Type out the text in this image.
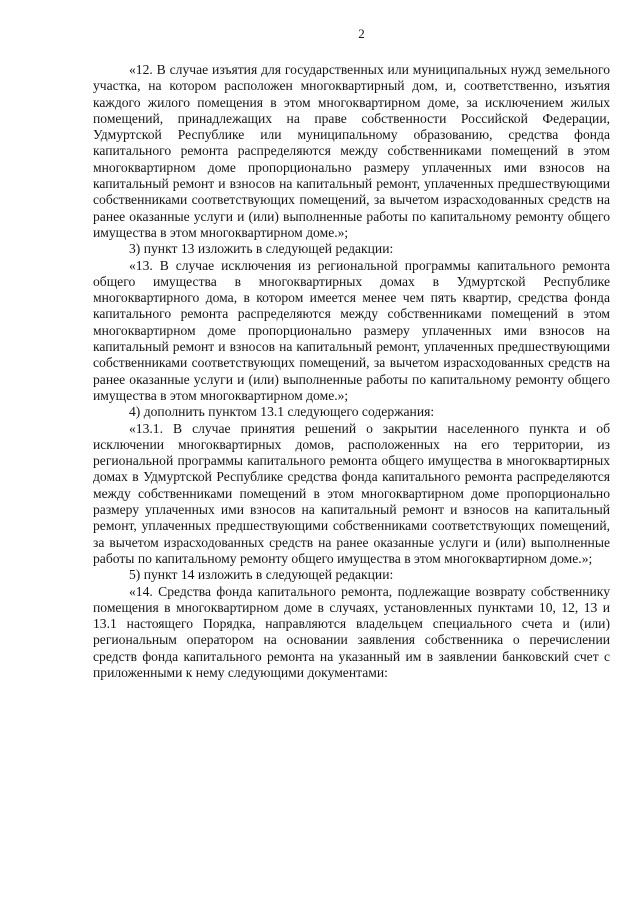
2

«12. В случае изъятия для государственных или муниципальных нужд земельного участка, на котором расположен многоквартирный дом, и, соответственно, изъятия каждого жилого помещения в этом многоквартирном доме, за исключением жилых помещений, принадлежащих на праве собственности Российской Федерации, Удмуртской Республике или муниципальному образованию, средства фонда капитального ремонта распределяются между собственниками помещений в этом многоквартирном доме пропорционально размеру уплаченных ими взносов на капитальный ремонт и взносов на капитальный ремонт, уплаченных предшествующими собственниками соответствующих помещений, за вычетом израсходованных средств на ранее оказанные услуги и (или) выполненные работы по капитальному ремонту общего имущества в этом многоквартирном доме.»;

3) пункт 13 изложить в следующей редакции:

«13. В случае исключения из региональной программы капитального ремонта общего имущества в многоквартирных домах в Удмуртской Республике многоквартирного дома, в котором имеется менее чем пять квартир, средства фонда капитального ремонта распределяются между собственниками помещений в этом многоквартирном доме пропорционально размеру уплаченных ими взносов на капитальный ремонт и взносов на капитальный ремонт, уплаченных предшествующими собственниками соответствующих помещений, за вычетом израсходованных средств на ранее оказанные услуги и (или) выполненные работы по капитальному ремонту общего имущества в этом многоквартирном доме.»;

4) дополнить пунктом 13.1 следующего содержания:

«13.1. В случае принятия решений о закрытии населенного пункта и об исключении многоквартирных домов, расположенных на его территории, из региональной программы капитального ремонта общего имущества в многоквартирных домах в Удмуртской Республике средства фонда капитального ремонта распределяются между собственниками помещений в этом многоквартирном доме пропорционально размеру уплаченных ими взносов на капитальный ремонт и взносов на капитальный ремонт, уплаченных предшествующими собственниками соответствующих помещений, за вычетом израсходованных средств на ранее оказанные услуги и (или) выполненные работы по капитальному ремонту общего имущества в этом многоквартирном доме.»;

5) пункт 14 изложить в следующей редакции:

«14. Средства фонда капитального ремонта, подлежащие возврату собственнику помещения в многоквартирном доме в случаях, установленных пунктами 10, 12, 13 и 13.1 настоящего Порядка, направляются владельцем специального счета и (или) региональным оператором на основании заявления собственника о перечислении средств фонда капитального ремонта на указанный им в заявлении банковский счет с приложенными к нему следующими документами:
